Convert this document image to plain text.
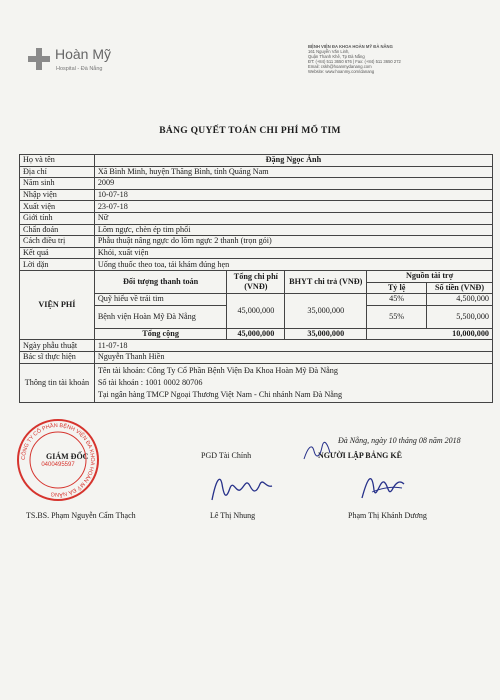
Hoàn Mỹ
Hospital - Đà Nẵng
BỆNH VIỆN ĐA KHOA HOÀN MỸ ĐÀ NẴNG
161 Nguyễn Văn Linh,
Quận Thanh Khê, Tp Đà Nẵng
ĐT: (+84) 511 3650 676 | Fax: (+84) 511 3650 272
Email: cskh@hoanmydanang.com
Website: www.hoanmy.com/danang
BẢNG QUYẾT TOÁN CHI PHÍ MỔ TIM
Họ và tên	Đặng Ngọc Ánh				
Địa chỉ	Xã Bình Minh, huyện Thăng Bình, tỉnh Quảng Nam				
Năm sinh	2009				
Nhập viện	10-07-18				
Xuất viện	23-07-18				
Giới tính	Nữ				
Chẩn đoán	Lõm ngực, chèn ép tim phổi				
Cách điều trị	Phẫu thuật nâng ngực do lõm ngực 2 thanh (trọn gói)				
Kết quả	Khỏi, xuất viện				
Lời dặn	Uống thuốc theo toa, tái khám đúng hẹn				
VIỆN PHÍ	Đối tượng thanh toán	Tổng chi phí (VNĐ)	BHYT chi trả (VNĐ)	Nguồn tài trợ	
				Tỷ lệ	Số tiền (VNĐ)
	Quỹ hiểu về trái tim	45,000,000	35,000,000	45%	4,500,000
	Bệnh viện Hoàn Mỹ Đà Nẵng			55%	5,500,000
	Tổng cộng	45,000,000	35,000,000	10,000,000	
Ngày phẫu thuật	11-07-18				
Bác sĩ thực hiện	Nguyễn Thanh Hiền				
Thông tin tài khoản	Tên tài khoản: Công Ty Cổ Phần Bệnh Viện Đa Khoa Hoàn Mỹ Đà Nẵng
Số tài khoản : 1001 0002 80706
Tại ngân hàng TMCP Ngoại Thương Việt Nam - Chi nhánh Nam Đà Nẵng				
Đà Nẵng, ngày 10 tháng 08 năm 2018
GIÁM ĐỐC	PGD Tài Chính	NGƯỜI LẬP BẢNG KÊ
CÔNG TY CỔ PHẦN BỆNH VIỆN ĐA KHOA HOÀN MỸ ĐÀ NẴNG
0400495597
TS.BS. Phạm Nguyễn Cẩm Thạch	Lê Thị Nhung	Phạm Thị Khánh Dương
